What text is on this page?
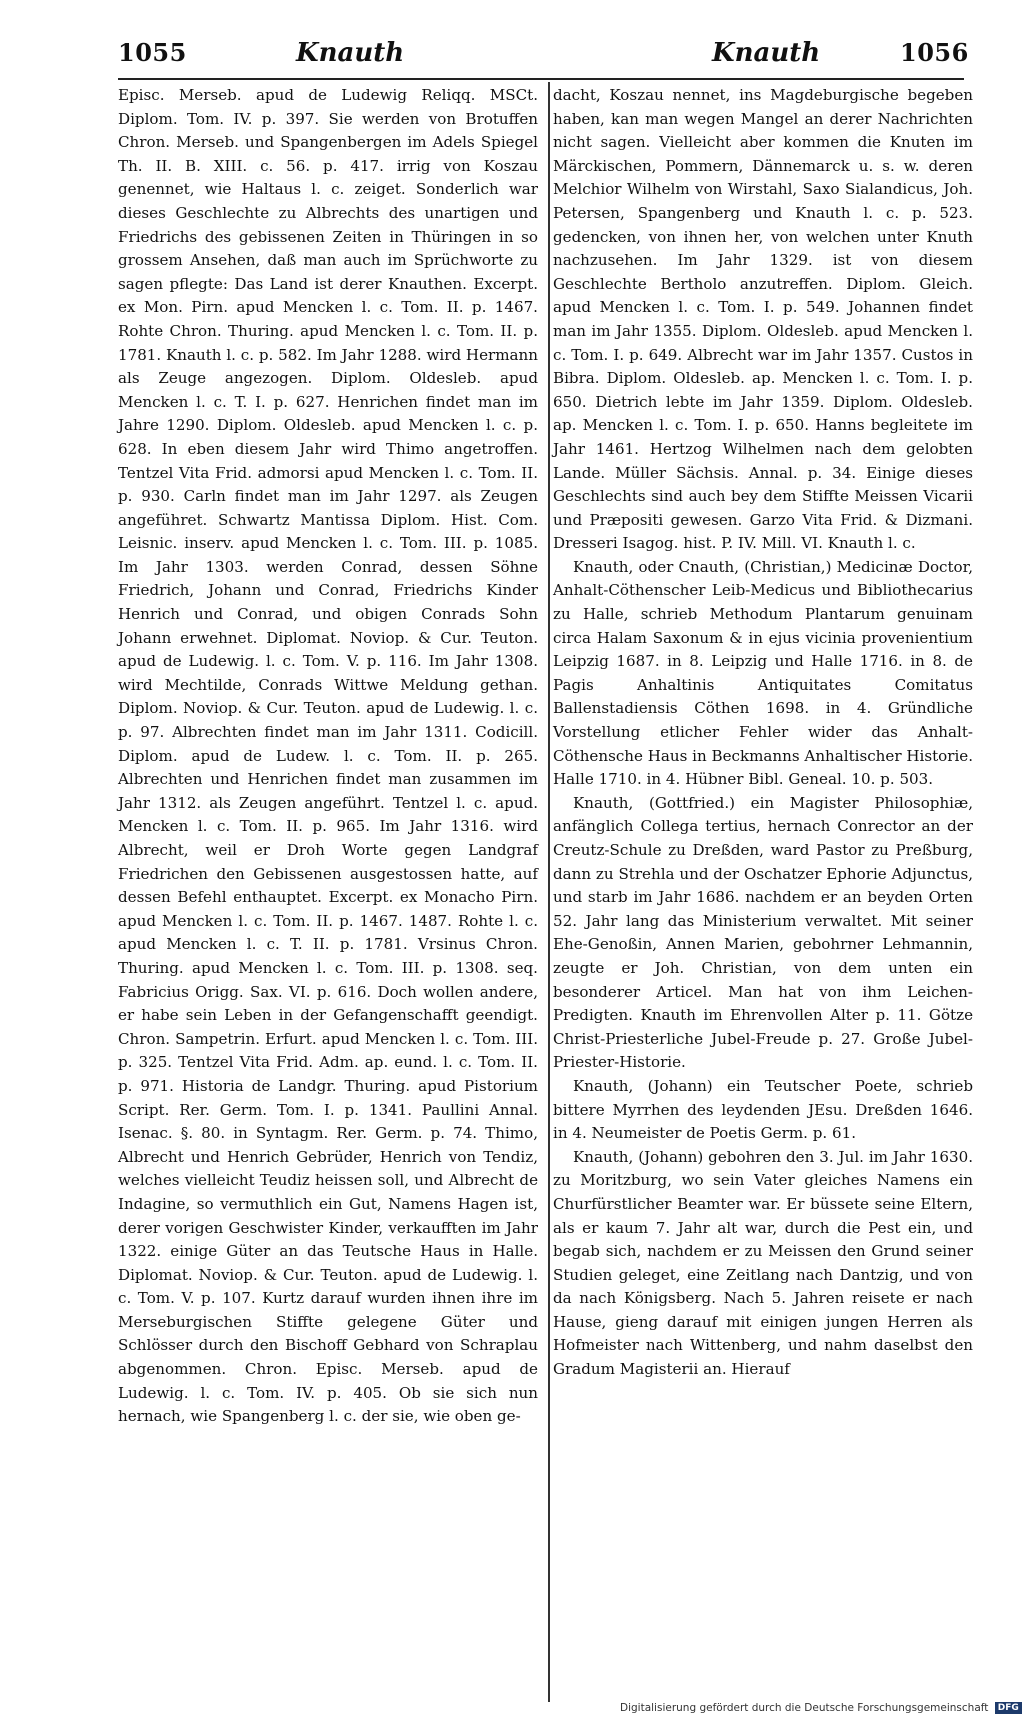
1055	Knauth	Knauth	1056

Episc. Merseb. apud de Ludewig Reliqq. MSCt. Diplom. Tom. IV. p. 397. Sie werden von Brotuffen Chron. Merseb. und Spangenbergen im Adels Spiegel Th. II. B. XIII. c. 56. p. 417. irrig von Koszau genennet, wie Haltaus l. c. zeiget. Sonderlich war dieses Geschlechte zu Albrechts des unartigen und Friedrichs des gebissenen Zeiten in Thüringen in so grossem Ansehen, daß man auch im Sprüchworte zu sagen pflegte: Das Land ist derer Knauthen. Excerpt. ex Mon. Pirn. apud Mencken l. c. Tom. II. p. 1467. Rohte Chron. Thuring. apud Mencken l. c. Tom. II. p. 1781. Knauth l. c. p. 582. Im Jahr 1288. wird Hermann als Zeuge angezogen. Diplom. Oldesleb. apud Mencken l. c. T. I. p. 627. Henrichen findet man im Jahre 1290. Diplom. Oldesleb. apud Mencken l. c. p. 628. In eben diesem Jahr wird Thimo angetroffen. Tentzel Vita Frid. admorsi apud Mencken l. c. Tom. II. p. 930. Carln findet man im Jahr 1297. als Zeugen angeführet. Schwartz Mantissa Diplom. Hist. Com. Leisnic. inserv. apud Mencken l. c. Tom. III. p. 1085. Im Jahr 1303. werden Conrad, dessen Söhne Friedrich, Johann und Conrad, Friedrichs Kinder Henrich und Conrad, und obigen Conrads Sohn Johann erwehnet. Diplomat. Noviop. & Cur. Teuton. apud de Ludewig. l. c. Tom. V. p. 116. Im Jahr 1308. wird Mechtilde, Conrads Wittwe Meldung gethan. Diplom. Noviop. & Cur. Teuton. apud de Ludewig. l. c. p. 97. Albrechten findet man im Jahr 1311. Codicill. Diplom. apud de Ludew. l. c. Tom. II. p. 265. Albrechten und Henrichen findet man zusammen im Jahr 1312. als Zeugen angeführt. Tentzel l. c. apud. Mencken l. c. Tom. II. p. 965. Im Jahr 1316. wird Albrecht, weil er Droh Worte gegen Landgraf Friedrichen den Gebissenen ausgestossen hatte, auf dessen Befehl enthauptet. Excerpt. ex Monacho Pirn. apud Mencken l. c. Tom. II. p. 1467. 1487. Rohte l. c. apud Mencken l. c. T. II. p. 1781. Vrsinus Chron. Thuring. apud Mencken l. c. Tom. III. p. 1308. seq. Fabricius Origg. Sax. VI. p. 616. Doch wollen andere, er habe sein Leben in der Gefangenschafft geendigt. Chron. Sampetrin. Erfurt. apud Mencken l. c. Tom. III. p. 325. Tentzel Vita Frid. Adm. ap. eund. l. c. Tom. II. p. 971. Historia de Landgr. Thuring. apud Pistorium Script. Rer. Germ. Tom. I. p. 1341. Paullini Annal. Isenac. §. 80. in Syntagm. Rer. Germ. p. 74. Thimo, Albrecht und Henrich Gebrüder, Henrich von Tendiz, welches vielleicht Teudiz heissen soll, und Albrecht de Indagine, so vermuthlich ein Gut, Namens Hagen ist, derer vorigen Geschwister Kinder, verkaufften im Jahr 1322. einige Güter an das Teutsche Haus in Halle. Diplomat. Noviop. & Cur. Teuton. apud de Ludewig. l. c. Tom. V. p. 107. Kurtz darauf wurden ihnen ihre im Merseburgischen Stiffte gelegene Güter und Schlösser durch den Bischoff Gebhard von Schraplau abgenommen. Chron. Episc. Merseb. apud de Ludewig. l. c. Tom. IV. p. 405. Ob sie sich nun hernach, wie Spangenberg l. c. der sie, wie oben ge-

dacht, Koszau nennet, ins Magdeburgische begeben haben, kan man wegen Mangel an derer Nachrichten nicht sagen. Vielleicht aber kommen die Knuten im Märckischen, Pommern, Dännemarck u. s. w. deren Melchior Wilhelm von Wirstahl, Saxo Sialandicus, Joh. Petersen, Spangenberg und Knauth l. c. p. 523. gedencken, von ihnen her, von welchen unter Knuth nachzusehen. Im Jahr 1329. ist von diesem Geschlechte Bertholo anzutreffen. Diplom. Gleich. apud Mencken l. c. Tom. I. p. 549. Johannen findet man im Jahr 1355. Diplom. Oldesleb. apud Mencken l. c. Tom. I. p. 649. Albrecht war im Jahr 1357. Custos in Bibra. Diplom. Oldesleb. ap. Mencken l. c. Tom. I. p. 650. Dietrich lebte im Jahr 1359. Diplom. Oldesleb. ap. Mencken l. c. Tom. I. p. 650. Hanns begleitete im Jahr 1461. Hertzog Wilhelmen nach dem gelobten Lande. Müller Sächsis. Annal. p. 34. Einige dieses Geschlechts sind auch bey dem Stiffte Meissen Vicarii und Præpositi gewesen. Garzo Vita Frid. & Dizmani. Dresseri Isagog. hist. P. IV. Mill. VI. Knauth l. c.

Knauth, oder Cnauth, (Christian,) Medicinæ Doctor, Anhalt-Cöthenscher Leib-Medicus und Bibliothecarius zu Halle, schrieb Methodum Plantarum genuinam circa Halam Saxonum & in ejus vicinia provenientium Leipzig 1687. in 8. Leipzig und Halle 1716. in 8. de Pagis Anhaltinis Antiquitates Comitatus Ballenstadiensis Cöthen 1698. in 4. Gründliche Vorstellung etlicher Fehler wider das Anhalt-Cöthensche Haus in Beckmanns Anhaltischer Historie. Halle 1710. in 4. Hübner Bibl. Geneal. 10. p. 503.

Knauth, (Gottfried.) ein Magister Philosophiæ, anfänglich Collega tertius, hernach Conrector an der Creutz-Schule zu Dreßden, ward Pastor zu Preßburg, dann zu Strehla und der Oschatzer Ephorie Adjunctus, und starb im Jahr 1686. nachdem er an beyden Orten 52. Jahr lang das Ministerium verwaltet. Mit seiner Ehe-Genoßin, Annen Marien, gebohrner Lehmannin, zeugte er Joh. Christian, von dem unten ein besonderer Articel. Man hat von ihm Leichen-Predigten. Knauth im Ehrenvollen Alter p. 11. Götze Christ-Priesterliche Jubel-Freude p. 27. Große Jubel-Priester-Historie.

Knauth, (Johann) ein Teutscher Poete, schrieb bittere Myrrhen des leydenden JEsu. Dreßden 1646. in 4. Neumeister de Poetis Germ. p. 61.

Knauth, (Johann) gebohren den 3. Jul. im Jahr 1630. zu Moritzburg, wo sein Vater gleiches Namens ein Churfürstlicher Beamter war. Er büssete seine Eltern, als er kaum 7. Jahr alt war, durch die Pest ein, und begab sich, nachdem er zu Meissen den Grund seiner Studien geleget, eine Zeitlang nach Dantzig, und von da nach Königsberg. Nach 5. Jahren reisete er nach Hause, gieng darauf mit einigen jungen Herren als Hofmeister nach Wittenberg, und nahm daselbst den Gradum Magisterii an. Hierauf

Digitalisierung gefördert durch die Deutsche Forschungsgemeinschaft DFG
